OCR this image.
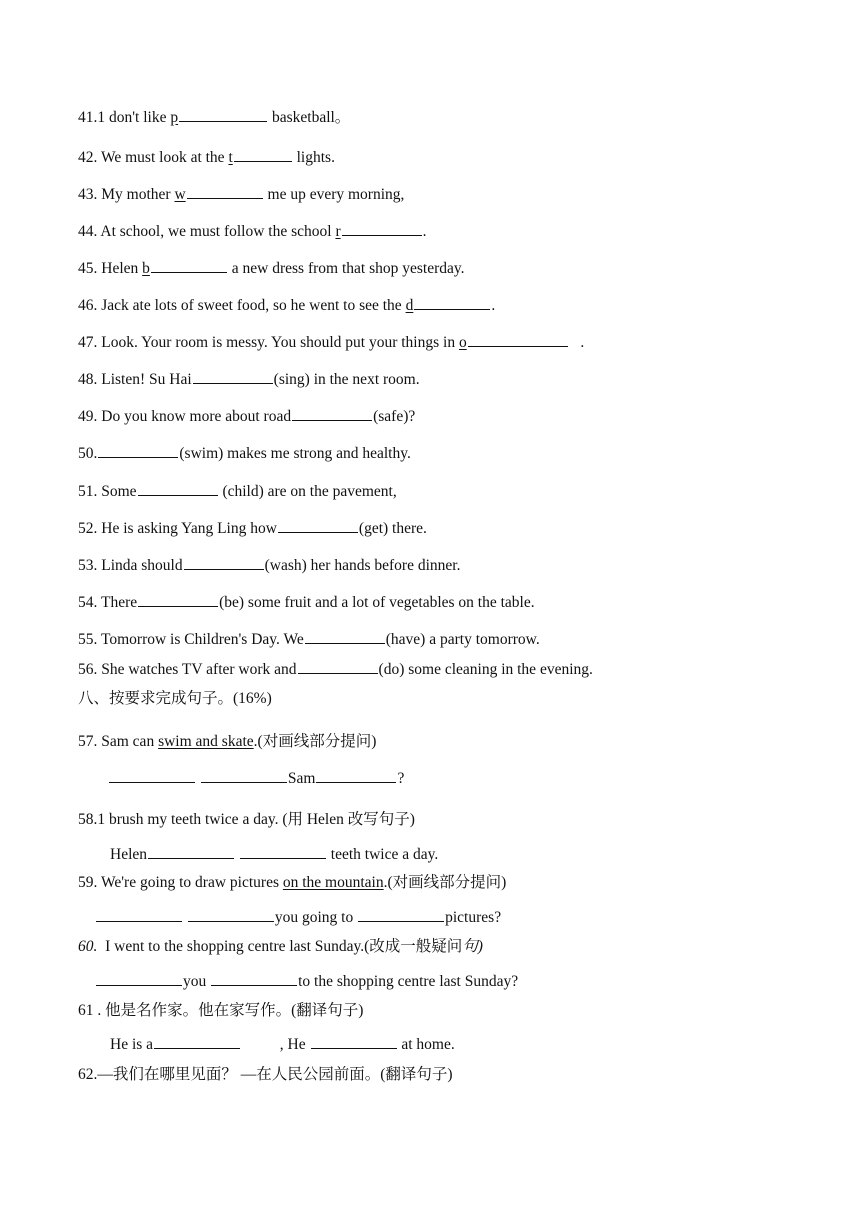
41.1 don't like p	basketball。
42. We must look at the t	lights.
43. My mother w	me up every morning,
44. At school, we must follow the school r	.
45. Helen b	a new dress from that shop yesterday.
46. Jack ate lots of sweet food, so he went to see the d	.
47. Look. Your room is messy. You should put your things in o	.
48. Listen! Su Hai	(sing) in the next room.
49. Do you know more about road	(safe)?
50.	(swim) makes me strong and healthy.
51. Some	(child) are on the pavement,
52. He is asking Yang Ling how	(get) there.
53. Linda should	(wash) her hands before dinner.
54. There	(be) some fruit and a lot of vegetables on the table.
55. Tomorrow is Children's Day. We	(have) a party tomorrow.
56. She watches TV after work and	(do) some cleaning in the evening.
八、按要求完成句子。(16%)
57. Sam can swim and skate.(对画线部分提问)
Sam	?
58.1 brush my teeth twice a day. (用 Helen 改写句子)
Helen	teeth twice a day.
59. We're going to draw pictures on the mountain.(对画线部分提问)
you going to	pictures?
60.  I went to the shopping centre last Sunday.(改成一般疑问句)
you	to the shopping centre last Sunday?
61 . 他是名作家。他在家写作。(翻译句子)
He is a	, He	at home.
62.—我们在哪里见面？ —在人民公园前面。(翻译句子)
